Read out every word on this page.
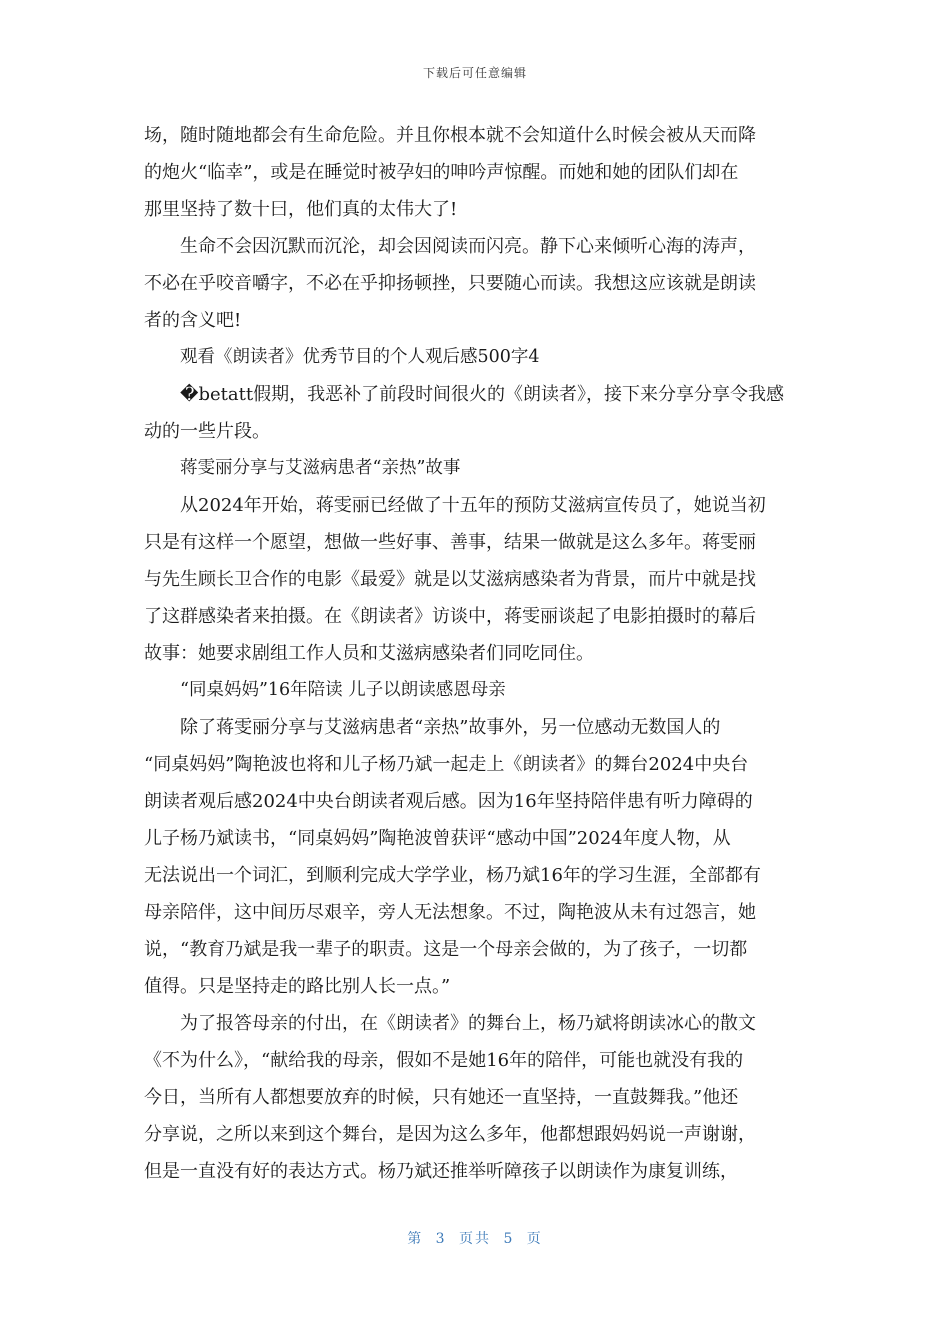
下载后可任意编辑
场，随时随地都会有生命危险。并且你根本就不会知道什么时候会被从天而降
的炮火“临幸”，或是在睡觉时被孕妇的呻吟声惊醒。而她和她的团队们却在
那里坚持了数十曰，他们真的太伟大了!
生命不会因沉默而沉沦，却会因阅读而闪亮。静下心来倾听心海的涛声，
不必在乎咬音嚼字，不必在乎抑扬顿挫，只要随心而读。我想这应该就是朗读
者的含义吧!
观看《朗读者》优秀节目的个人观后感500字4
�betatt假期，我恶补了前段时间很火的《朗读者》，接下来分享分享令我感
动的一些片段。
蒋雯丽分享与艾滋病患者“亲热”故事
从2024年开始，蒋雯丽已经做了十五年的预防艾滋病宣传员了，她说当初
只是有这样一个愿望，想做一些好事、善事，结果一做就是这么多年。蒋雯丽
与先生顾长卫合作的电影《最爱》就是以艾滋病感染者为背景，而片中就是找
了这群感染者来拍摄。在《朗读者》访谈中，蒋雯丽谈起了电影拍摄时的幕后
故事：她要求剧组工作人员和艾滋病感染者们同吃同住。
“同桌妈妈”16年陪读 儿子以朗读感恩母亲
除了蒋雯丽分享与艾滋病患者“亲热”故事外，另一位感动无数国人的
“同桌妈妈”陶艳波也将和儿子杨乃斌一起走上《朗读者》的舞台2024中央台
朗读者观后感2024中央台朗读者观后感。因为16年坚持陪伴患有听力障碍的
儿子杨乃斌读书，“同桌妈妈”陶艳波曾获评“感动中国”2024年度人物，从
无法说出一个词汇，到顺利完成大学学业，杨乃斌16年的学习生涯，全部都有
母亲陪伴，这中间历尽艰辛，旁人无法想象。不过，陶艳波从未有过怨言，她
说，“教育乃斌是我一辈子的职责。这是一个母亲会做的，为了孩子，一切都
值得。只是坚持走的路比别人长一点。”
为了报答母亲的付出，在《朗读者》的舞台上，杨乃斌将朗读冰心的散文
《不为什么》，“献给我的母亲，假如不是她16年的陪伴，可能也就没有我的
今日，当所有人都想要放弃的时候，只有她还一直坚持，一直鼓舞我。”他还
分享说，之所以来到这个舞台，是因为这么多年，他都想跟妈妈说一声谢谢，
但是一直没有好的表达方式。杨乃斌还推举听障孩子以朗读作为康复训练，
第 3 页共 5 页
